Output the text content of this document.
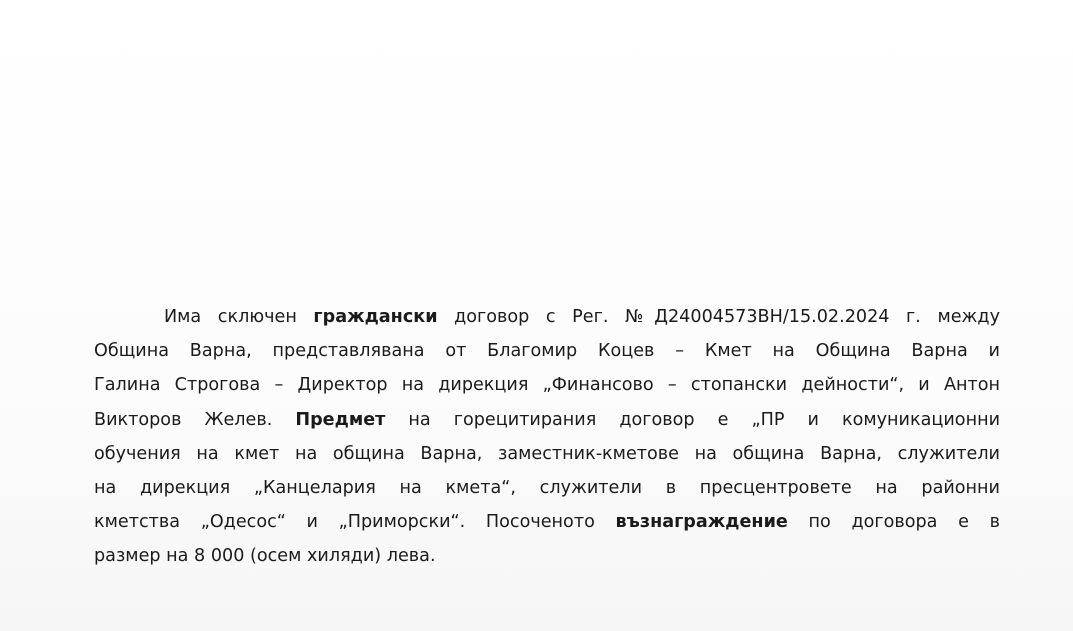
Има сключен граждански договор с Рег. №Д24004573ВН/15.02.2024 г. между
Община Варна, представлявана от Благомир Коцев – Кмет на Община Варна и
Галина Строгова – Директор на дирекция „Финансово – стопански дейности“, и Антон
Викторов Желев. Предмет на горецитирания договор е „ПР и комуникационни
обучения на кмет на община Варна, заместник-кметове на община Варна, служители
на дирекция „Канцелария на кмета“, служители в пресцентровете на районни
кметства „Одесос“ и „Приморски“. Посоченото възнаграждение по договора е в
размер на 8 000 (осем хиляди) лева.
